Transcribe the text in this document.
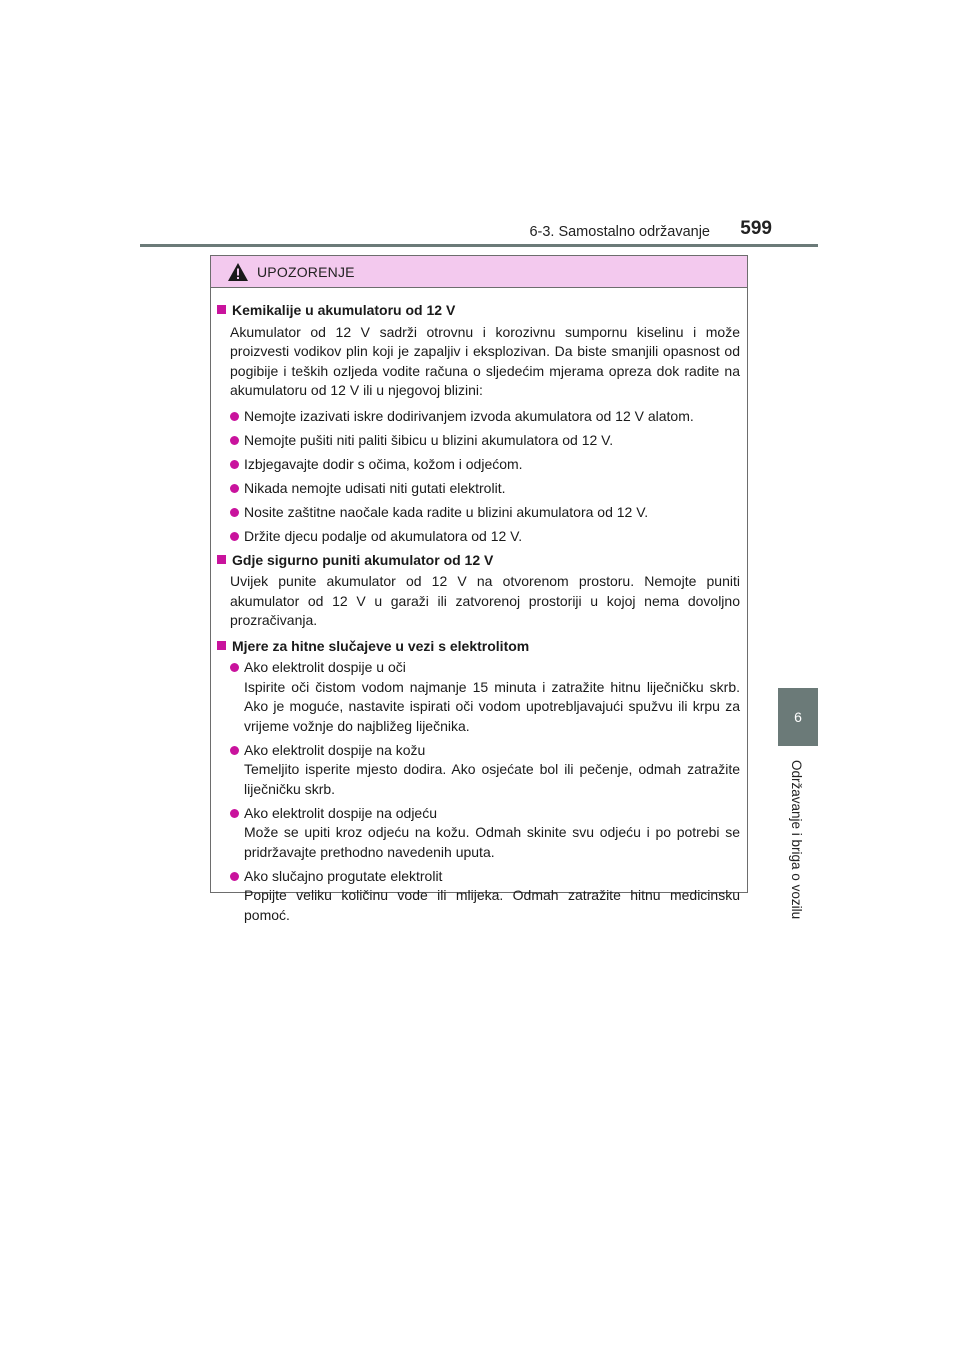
6-3. Samostalno održavanje 599
6
Održavanje i briga o vozilu
UPOZORENJE
Kemikalije u akumulatoru od 12 V
Akumulator od 12 V sadrži otrovnu i korozivnu sumpornu kiselinu i može proizvesti vodikov plin koji je zapaljiv i eksplozivan. Da biste smanjili opasnost od pogibije i teških ozljeda vodite računa o sljedećim mjerama opreza dok radite na akumulatoru od 12 V ili u njegovoj blizini:
Nemojte izazivati iskre dodirivanjem izvoda akumulatora od 12 V alatom.
Nemojte pušiti niti paliti šibicu u blizini akumulatora od 12 V.
Izbjegavajte dodir s očima, kožom i odjećom.
Nikada nemojte udisati niti gutati elektrolit.
Nosite zaštitne naočale kada radite u blizini akumulatora od 12 V.
Držite djecu podalje od akumulatora od 12 V.
Gdje sigurno puniti akumulator od 12 V
Uvijek punite akumulator od 12 V na otvorenom prostoru. Nemojte puniti akumulator od 12 V u garaži ili zatvorenoj prostoriji u kojoj nema dovoljno prozračivanja.
Mjere za hitne slučajeve u vezi s elektrolitom
Ako elektrolit dospije u oči
Ispirite oči čistom vodom najmanje 15 minuta i zatražite hitnu liječničku skrb. Ako je moguće, nastavite ispirati oči vodom upotrebljavajući spužvu ili krpu za vrijeme vožnje do najbližeg liječnika.
Ako elektrolit dospije na kožu
Temeljito isperite mjesto dodira. Ako osjećate bol ili pečenje, odmah zatražite liječničku skrb.
Ako elektrolit dospije na odjeću
Može se upiti kroz odjeću na kožu. Odmah skinite svu odjeću i po potrebi se pridržavajte prethodno navedenih uputa.
Ako slučajno progutate elektrolit
Popijte veliku količinu vode ili mlijeka. Odmah zatražite hitnu medicinsku pomoć.
